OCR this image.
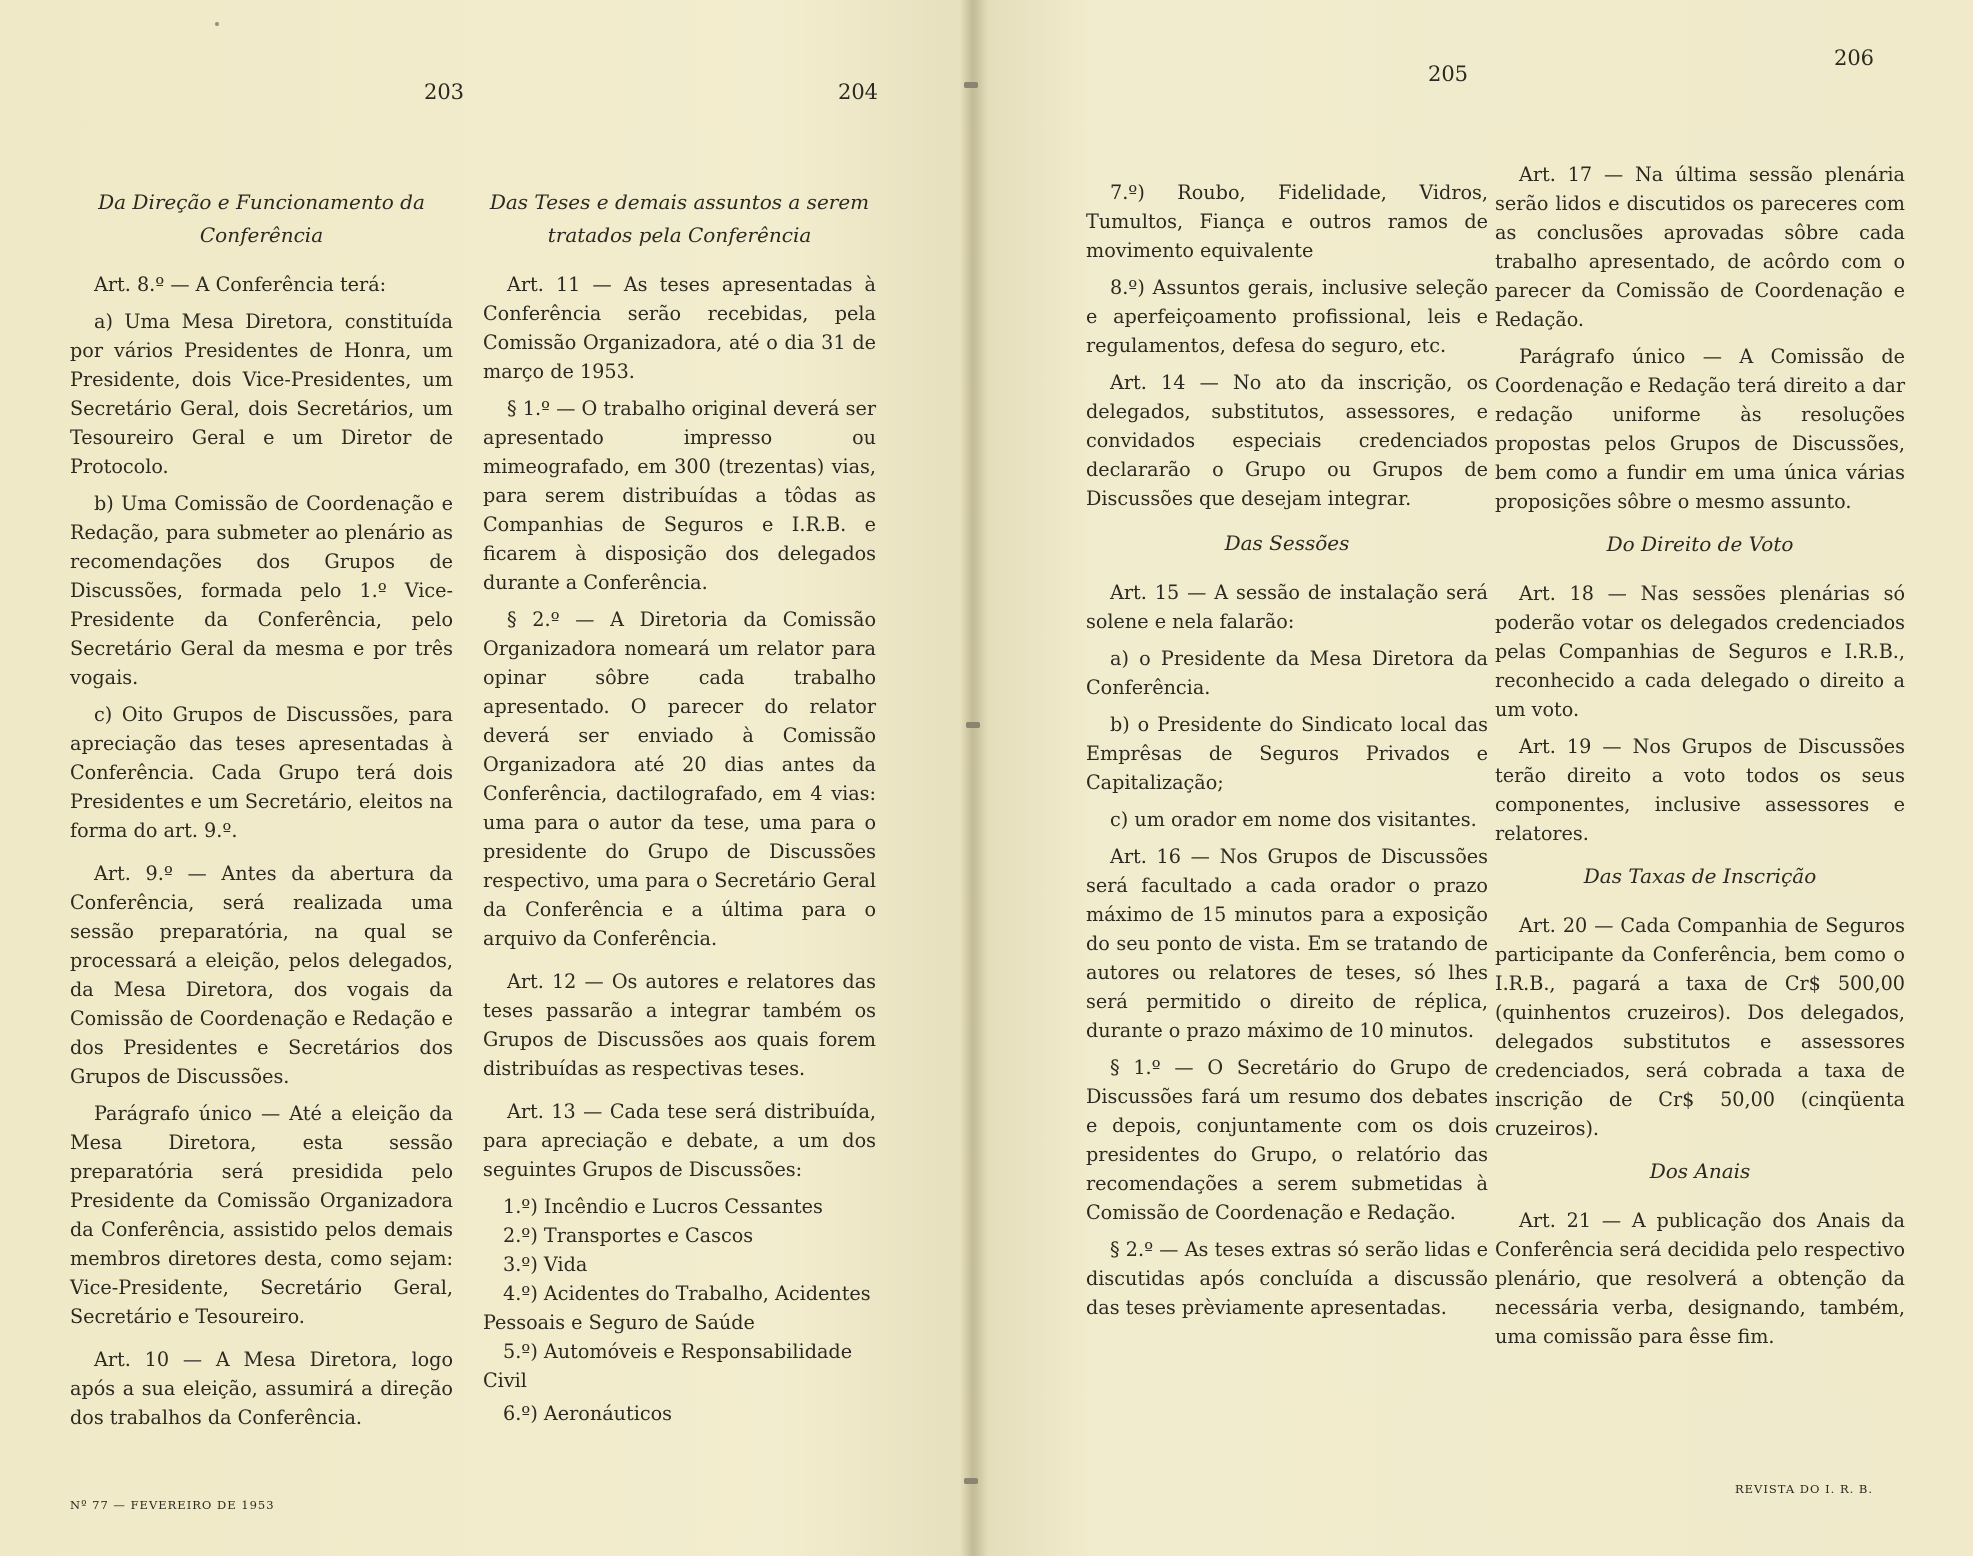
203	204
205
206

Da Direção e Funcionamento da Conferência

Art. 8.º — A Conferência terá:

a) Uma Mesa Diretora, constituída por vários Presidentes de Honra, um Presidente, dois Vice-Presidentes, um Secretário Geral, dois Secretários, um Tesoureiro Geral e um Diretor de Protocolo.

b) Uma Comissão de Coordenação e Redação, para submeter ao plenário as recomendações dos Grupos de Discussões, formada pelo 1.º Vice-Presidente da Conferência, pelo Secretário Geral da mesma e por três vogais.

c) Oito Grupos de Discussões, para apreciação das teses apresentadas à Conferência. Cada Grupo terá dois Presidentes e um Secretário, eleitos na forma do art. 9.º.

Art. 9.º — Antes da abertura da Conferência, será realizada uma sessão preparatória, na qual se processará a eleição, pelos delegados, da Mesa Diretora, dos vogais da Comissão de Coordenação e Redação e dos Presidentes e Secretários dos Grupos de Discussões.

Parágrafo único — Até a eleição da Mesa Diretora, esta sessão preparatória será presidida pelo Presidente da Comissão Organizadora da Conferência, assistido pelos demais membros diretores desta, como sejam: Vice-Presidente, Secretário Geral, Secretário e Tesoureiro.

Art. 10 — A Mesa Diretora, logo após a sua eleição, assumirá a direção dos trabalhos da Conferência.

Das Teses e demais assuntos a serem tratados pela Conferência

Art. 11 — As teses apresentadas à Conferência serão recebidas, pela Comissão Organizadora, até o dia 31 de março de 1953.

§ 1.º — O trabalho original deverá ser apresentado impresso ou mimeografado, em 300 (trezentas) vias, para serem distribuídas a tôdas as Companhias de Seguros e I.R.B. e ficarem à disposição dos delegados durante a Conferência.

§ 2.º — A Diretoria da Comissão Organizadora nomeará um relator para opinar sôbre cada trabalho apresentado. O parecer do relator deverá ser enviado à Comissão Organizadora até 20 dias antes da Conferência, dactilografado, em 4 vias: uma para o autor da tese, uma para o presidente do Grupo de Discussões respectivo, uma para o Secretário Geral da Conferência e a última para o arquivo da Conferência.

Art. 12 — Os autores e relatores das teses passarão a integrar também os Grupos de Discussões aos quais forem distribuídas as respectivas teses.

Art. 13 — Cada tese será distribuída, para apreciação e debate, a um dos seguintes Grupos de Discussões:

1.º) Incêndio e Lucros Cessantes

2.º) Transportes e Cascos

3.º) Vida

4.º) Acidentes do Trabalho, Acidentes Pessoais e Seguro de Saúde

5.º) Automóveis e Responsabilidade Civil

6.º) Aeronáuticos

7.º) Roubo, Fidelidade, Vidros, Tumultos, Fiança e outros ramos de movimento equivalente

8.º) Assuntos gerais, inclusive seleção e aperfeiçoamento profissional, leis e regulamentos, defesa do seguro, etc.

Art. 14 — No ato da inscrição, os delegados, substitutos, assessores, e convidados especiais credenciados declararão o Grupo ou Grupos de Discussões que desejam integrar.

Das Sessões

Art. 15 — A sessão de instalação será solene e nela falarão:

a) o Presidente da Mesa Diretora da Conferência.

b) o Presidente do Sindicato local das Emprêsas de Seguros Privados e Capitalização;

c) um orador em nome dos visitantes.

Art. 16 — Nos Grupos de Discussões será facultado a cada orador o prazo máximo de 15 minutos para a exposição do seu ponto de vista. Em se tratando de autores ou relatores de teses, só lhes será permitido o direito de réplica, durante o prazo máximo de 10 minutos.

§ 1.º — O Secretário do Grupo de Discussões fará um resumo dos debates e depois, conjuntamente com os dois presidentes do Grupo, o relatório das recomendações a serem submetidas à Comissão de Coordenação e Redação.

§ 2.º — As teses extras só serão lidas e discutidas após concluída a discussão das teses prèviamente apresentadas.

Art. 17 — Na última sessão plenária serão lidos e discutidos os pareceres com as conclusões aprovadas sôbre cada trabalho apresentado, de acôrdo com o parecer da Comissão de Coordenação e Redação.

Parágrafo único — A Comissão de Coordenação e Redação terá direito a dar redação uniforme às resoluções propostas pelos Grupos de Discussões, bem como a fundir em uma única várias proposições sôbre o mesmo assunto.

Do Direito de Voto

Art. 18 — Nas sessões plenárias só poderão votar os delegados credenciados pelas Companhias de Seguros e I.R.B., reconhecido a cada delegado o direito a um voto.

Art. 19 — Nos Grupos de Discussões terão direito a voto todos os seus componentes, inclusive assessores e relatores.

Das Taxas de Inscrição

Art. 20 — Cada Companhia de Seguros participante da Conferência, bem como o I.R.B., pagará a taxa de Cr$ 500,00 (quinhentos cruzeiros). Dos delegados, delegados substitutos e assessores credenciados, será cobrada a taxa de inscrição de Cr$ 50,00 (cinqüenta cruzeiros).

Dos Anais

Art. 21 — A publicação dos Anais da Conferência será decidida pelo respectivo plenário, que resolverá a obtenção da necessária verba, designando, também, uma comissão para êsse fim.

Nº 77 — FEVEREIRO DE 1953
REVISTA DO I. R. B.
